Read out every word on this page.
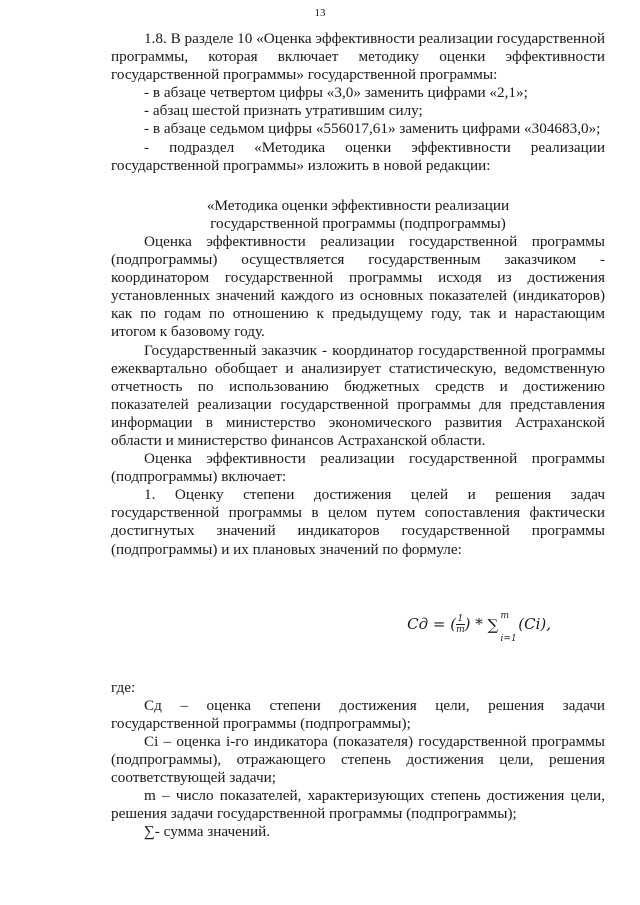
13

1.8. В разделе 10 «Оценка эффективности реализации государственной программы, которая включает методику оценки эффективности государственной программы» государственной программы:

- в абзаце четвертом цифры «3,0» заменить цифрами «2,1»;

- абзац шестой признать утратившим силу;

- в абзаце седьмом цифры «556017,61» заменить цифрами «304683,0»;

- подраздел «Методика оценки эффективности реализации государственной программы» изложить в новой редакции:

«Методика оценки эффективности реализации
государственной программы (подпрограммы)

Оценка эффективности реализации государственной программы (подпрограммы) осуществляется государственным заказчиком - координатором государственной программы исходя из достижения установленных значений каждого из основных показателей (индикаторов) как по годам по отношению к предыдущему году, так и нарастающим итогом к базовому году.

Государственный заказчик - координатор государственной программы ежеквартально обобщает и анализирует статистическую, ведомственную отчетность по использованию бюджетных средств и достижению показателей реализации государственной программы для представления информации в министерство экономического развития Астраханской области и министерство финансов Астраханской области.

Оценка эффективности реализации государственной программы (подпрограммы) включает:

1. Оценку степени достижения целей и решения задач государственной программы в целом путем сопоставления фактически достигнутых значений индикаторов государственной программы (подпрограммы) и их плановых значений по формуле:

Сд = ( $\frac{1}{m}$ ) * ∑ m
i=1
(Ci),

где:

Сд – оценка степени достижения цели, решения задачи государственной программы (подпрограммы);

Ci – оценка i-го индикатора (показателя) государственной программы (подпрограммы), отражающего степень достижения цели, решения соответствующей задачи;

m – число показателей, характеризующих степень достижения цели, решения задачи государственной программы (подпрограммы);

∑- сумма значений.
